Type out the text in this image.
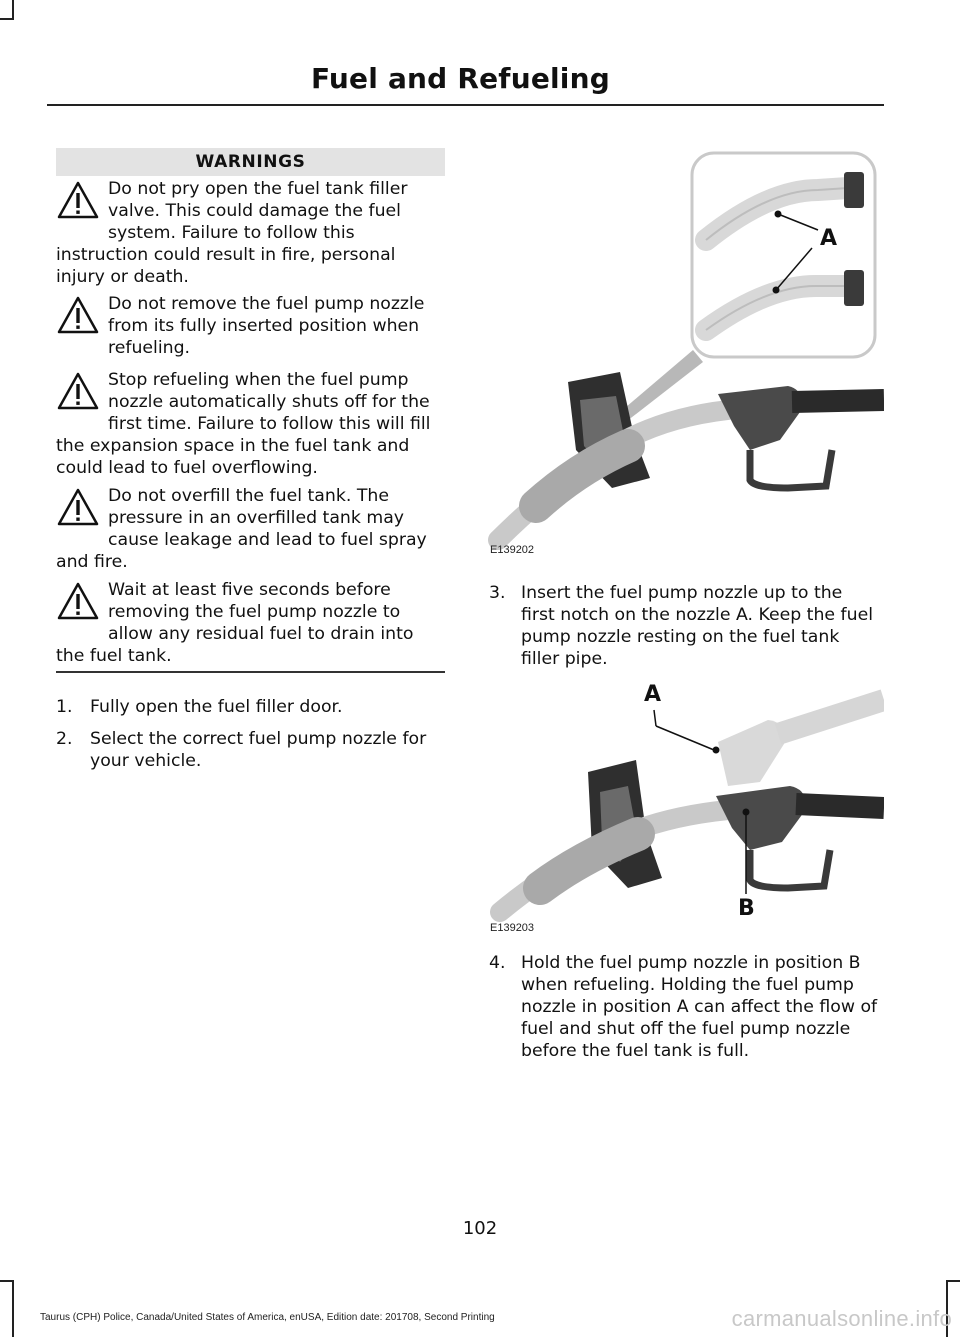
Fuel and Refueling
WARNINGS

Do not pry open the fuel tank filler valve. This could damage the fuel system. Failure to follow this instruction could result in fire, personal injury or death.

Do not remove the fuel pump nozzle from its fully inserted position when refueling.

Stop refueling when the fuel pump nozzle automatically shuts off for the first time. Failure to follow this will fill the expansion space in the fuel tank and could lead to fuel overflowing.

Do not overfill the fuel tank. The pressure in an overfilled tank may cause leakage and lead to fuel spray and fire.

Wait at least five seconds before removing the fuel pump nozzle to allow any residual fuel to drain into the fuel tank.

1.	Fully open the fuel filler door.
2.	Select the correct fuel pump nozzle for your vehicle.
A
E139202
3. Insert the fuel pump nozzle up to the first notch on the nozzle A. Keep the fuel pump nozzle resting on the fuel tank filler pipe.
A
B
E139203
4. Hold the fuel pump nozzle in position B when refueling. Holding the fuel pump nozzle in position A can affect the flow of fuel and shut off the fuel pump nozzle before the fuel tank is full.
102
Taurus (CPH) Police, Canada/United States of America, enUSA, Edition date: 201708, Second Printing	carmanualsonline.info
